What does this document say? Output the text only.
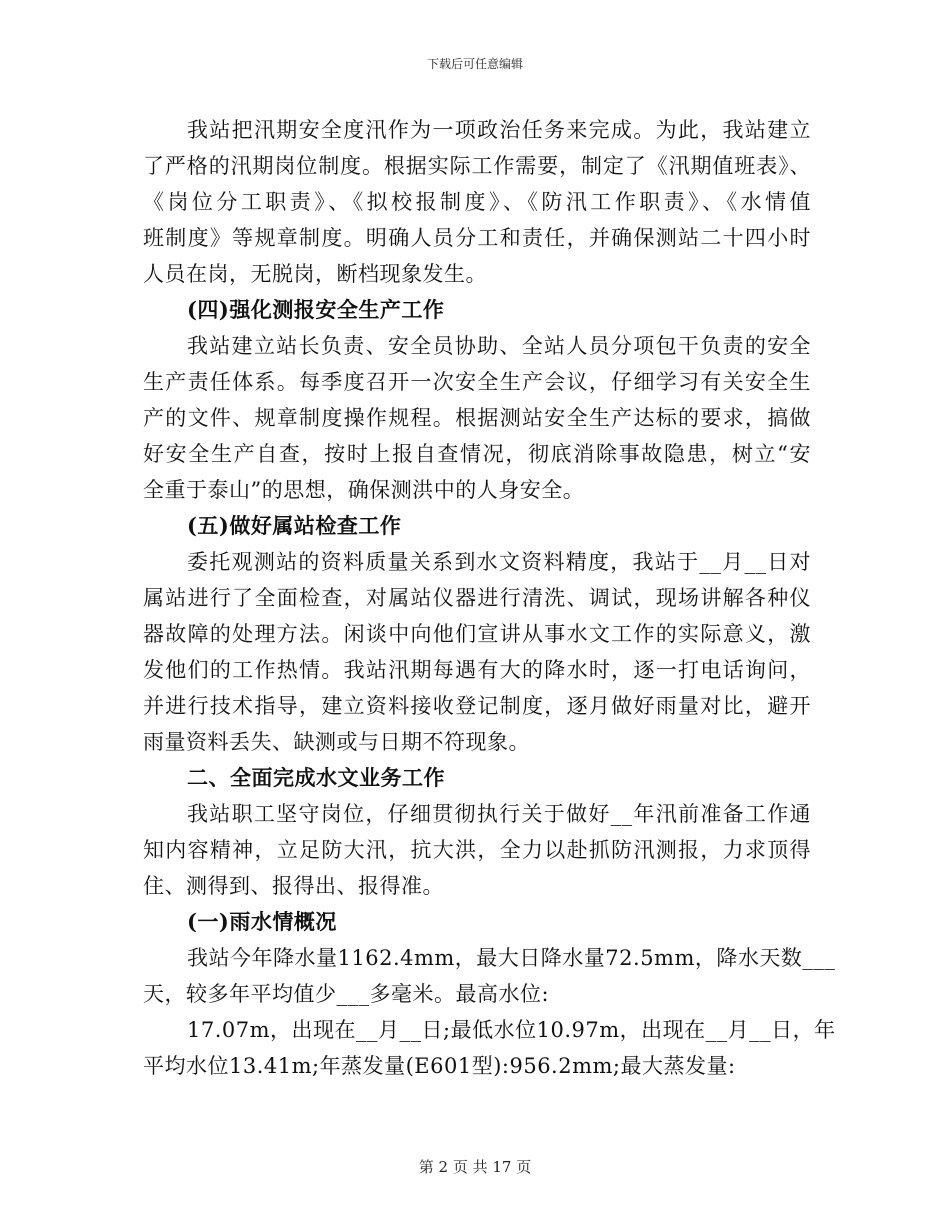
下载后可任意编辑
我站把汛期安全度汛作为一项政治任务来完成。为此，我站建立
了严格的汛期岗位制度。根据实际工作需要，制定了《汛期值班表》、
《岗位分工职责》、《拟校报制度》、《防汛工作职责》、《水情值
班制度》等规章制度。明确人员分工和责任，并确保测站二十四小时
人员在岗，无脱岗，断档现象发生。
(四)强化测报安全生产工作
我站建立站长负责、安全员协助、全站人员分项包干负责的安全
生产责任体系。每季度召开一次安全生产会议，仔细学习有关安全生
产的文件、规章制度操作规程。根据测站安全生产达标的要求，搞做
好安全生产自查，按时上报自查情况，彻底消除事故隐患，树立“安
全重于泰山”的思想，确保测洪中的人身安全。
(五)做好属站检查工作
委托观测站的资料质量关系到水文资料精度，我站于__月__日对
属站进行了全面检查，对属站仪器进行清洗、调试，现场讲解各种仪
器故障的处理方法。闲谈中向他们宣讲从事水文工作的实际意义，激
发他们的工作热情。我站汛期每遇有大的降水时，逐一打电话询问，
并进行技术指导，建立资料接收登记制度，逐月做好雨量对比，避开
雨量资料丢失、缺测或与日期不符现象。
二、全面完成水文业务工作
我站职工坚守岗位，仔细贯彻执行关于做好__年汛前准备工作通
知内容精神，立足防大汛，抗大洪，全力以赴抓防汛测报，力求顶得
住、测得到、报得出、报得准。
(一)雨水情概况
我站今年降水量1162.4mm，最大日降水量72.5mm，降水天数___
天，较多年平均值少___多毫米。最高水位:
17.07m，出现在__月__日;最低水位10.97m，出现在__月__日，年
平均水位13.41m;年蒸发量(E601型):956.2mm;最大蒸发量:
第 2 页 共 17 页
